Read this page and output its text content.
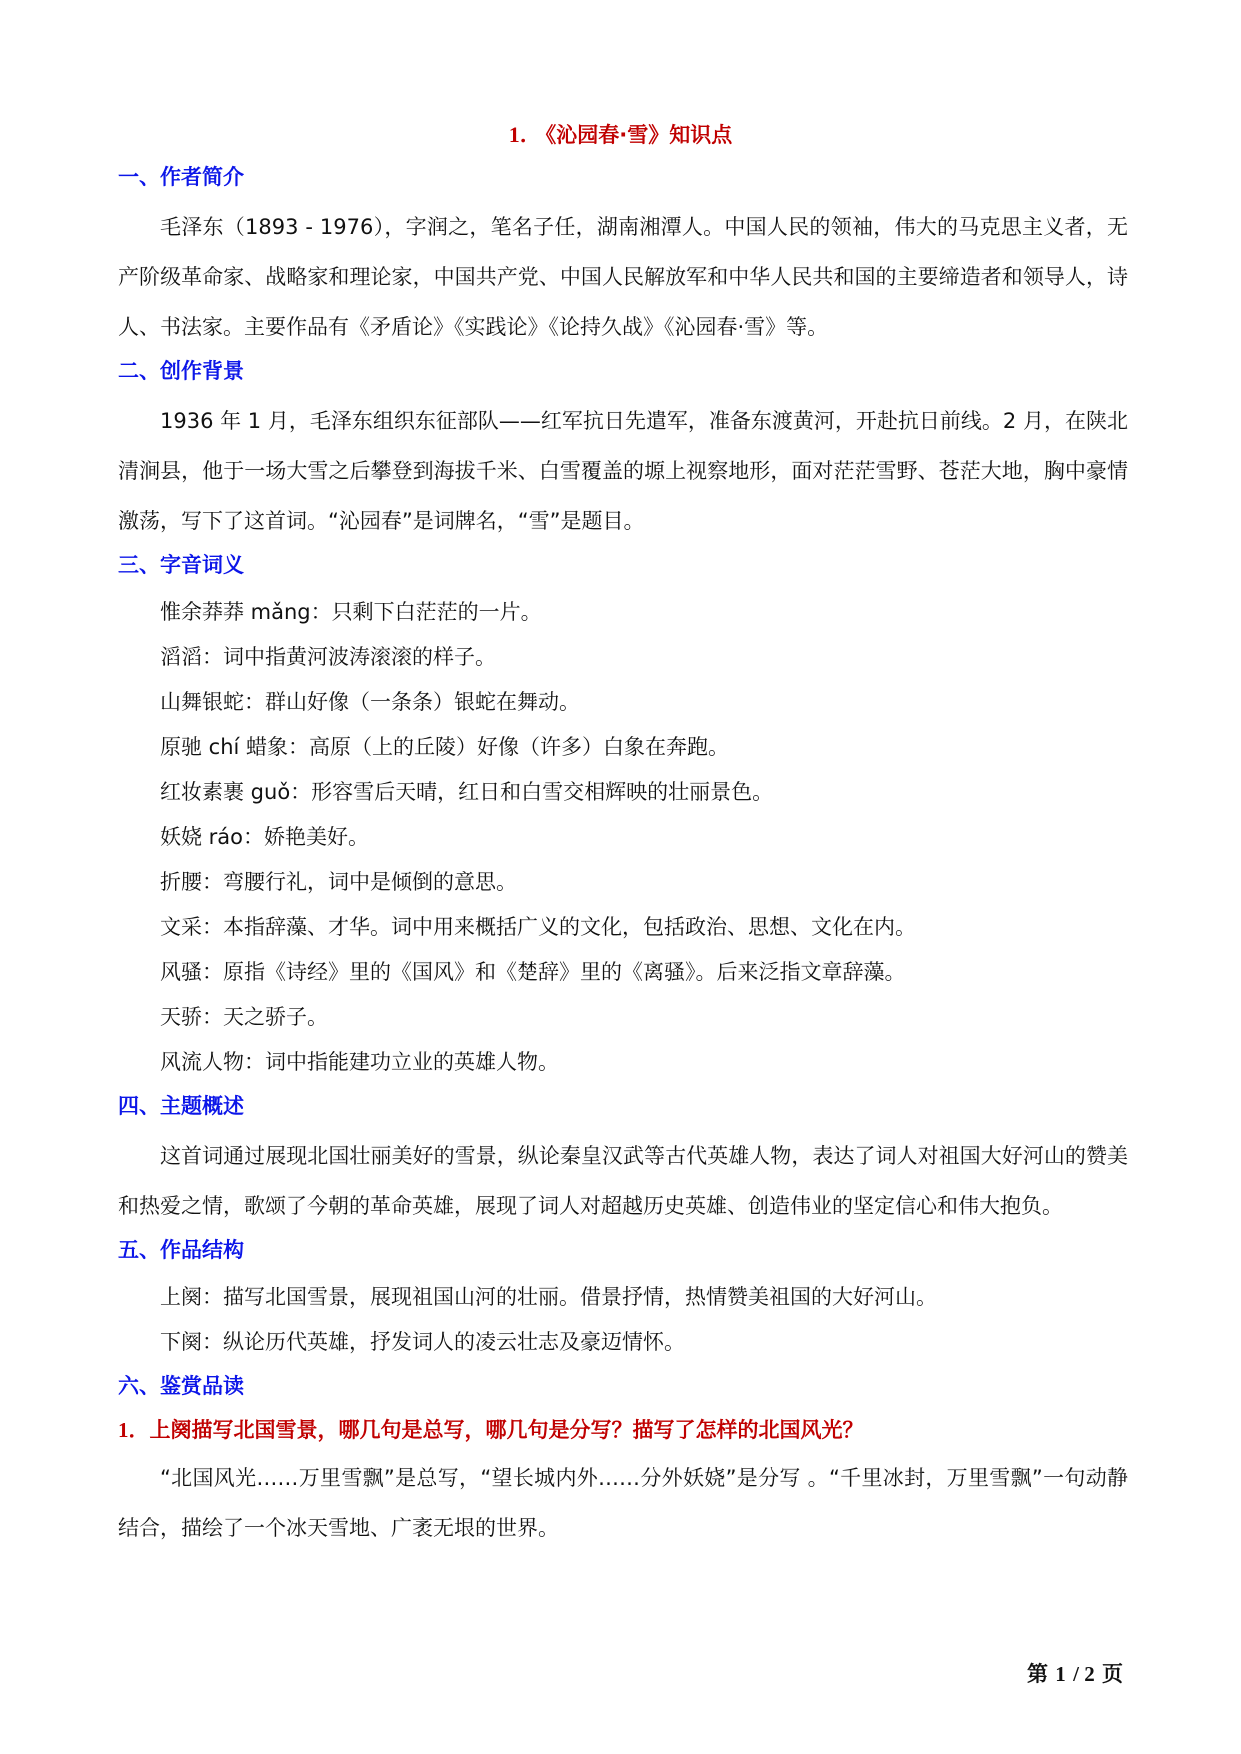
1． 《沁园春·雪》知识点
一、作者简介

毛泽东（1893 - 1976），字润之，笔名子任，湖南湘潭人。中国人民的领袖，伟大的马克思主义者，无产阶级革命家、战略家和理论家，中国共产党、中国人民解放军和中华人民共和国的主要缔造者和领导人，诗人、书法家。主要作品有《矛盾论》《实践论》《论持久战》《沁园春·雪》等。

二、创作背景

1936 年 1 月，毛泽东组织东征部队——红军抗日先遣军，准备东渡黄河，开赴抗日前线。2 月，在陕北清涧县，他于一场大雪之后攀登到海拔千米、白雪覆盖的塬上视察地形，面对茫茫雪野、苍茫大地，胸中豪情激荡，写下了这首词。“沁园春”是词牌名，“雪”是题目。

三、字音词义

惟余莽莽 mǎng：只剩下白茫茫的一片。

滔滔：词中指黄河波涛滚滚的样子。

山舞银蛇：群山好像（一条条）银蛇在舞动。

原驰 chí 蜡象：高原（上的丘陵）好像（许多）白象在奔跑。

红妆素裹 guǒ：形容雪后天晴，红日和白雪交相辉映的壮丽景色。

妖娆 ráo：娇艳美好。

折腰：弯腰行礼，词中是倾倒的意思。

文采：本指辞藻、才华。词中用来概括广义的文化，包括政治、思想、文化在内。

风骚：原指《诗经》里的《国风》和《楚辞》里的《离骚》。后来泛指文章辞藻。

天骄：天之骄子。

风流人物：词中指能建功立业的英雄人物。

四、主题概述

这首词通过展现北国壮丽美好的雪景，纵论秦皇汉武等古代英雄人物，表达了词人对祖国大好河山的赞美和热爱之情，歌颂了今朝的革命英雄，展现了词人对超越历史英雄、创造伟业的坚定信心和伟大抱负。

五、作品结构

上阕：描写北国雪景，展现祖国山河的壮丽。借景抒情，热情赞美祖国的大好河山。

下阕：纵论历代英雄，抒发词人的凌云壮志及豪迈情怀。

六、鉴赏品读
1．上阕描写北国雪景，哪几句是总写，哪几句是分写？描写了怎样的北国风光？

“北国风光……万里雪飘”是总写，“望长城内外……分外妖娆”是分写 。“千里冰封，万里雪飘”一句动静结合，描绘了一个冰天雪地、广袤无垠的世界。

第 1 / 2 页
